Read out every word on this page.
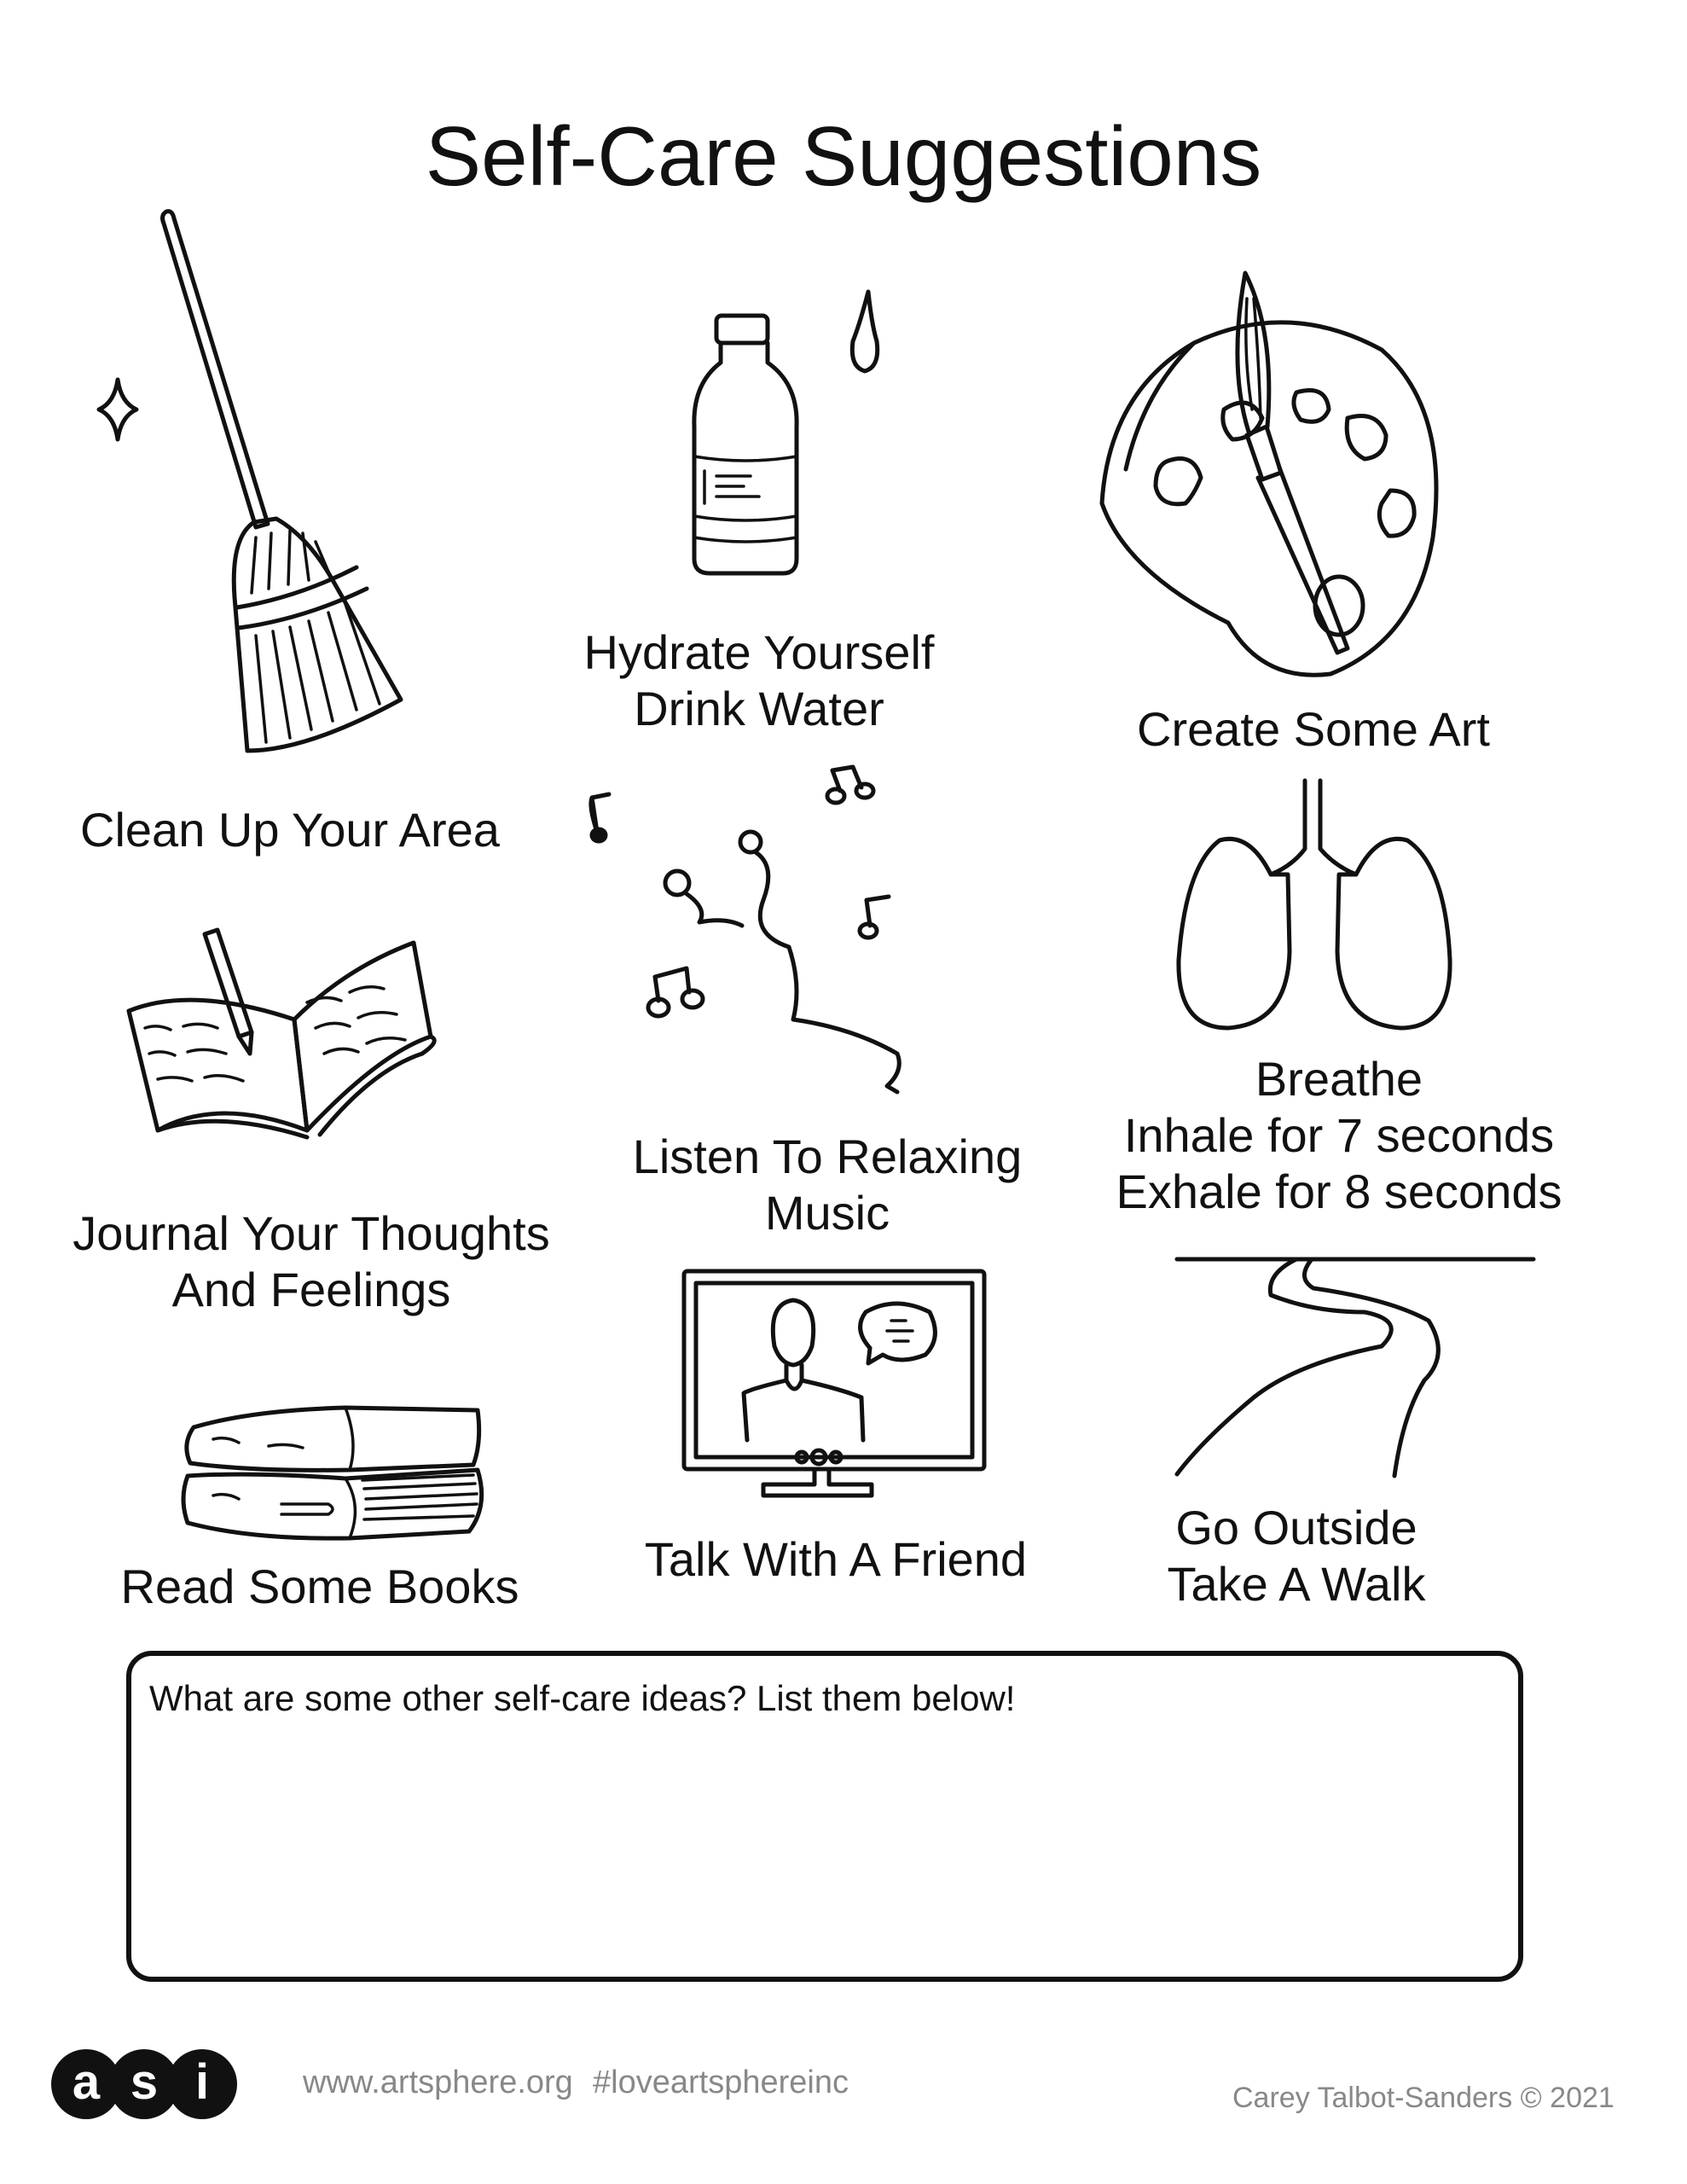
Self-Care Suggestions
Clean Up Your Area
Hydrate Yourself
Drink Water	Create Some Art
Journal Your Thoughts
And Feelings
Listen To Relaxing
Music
Breathe
Inhale for 7 seconds
Exhale for 8 seconds
Read Some Books
Talk With A Friend
Go Outside
Take A Walk
What are some other self-care ideas? List them below!
a s i	www.artsphere.org #loveartsphereinc	Carey Talbot-Sanders © 2021
